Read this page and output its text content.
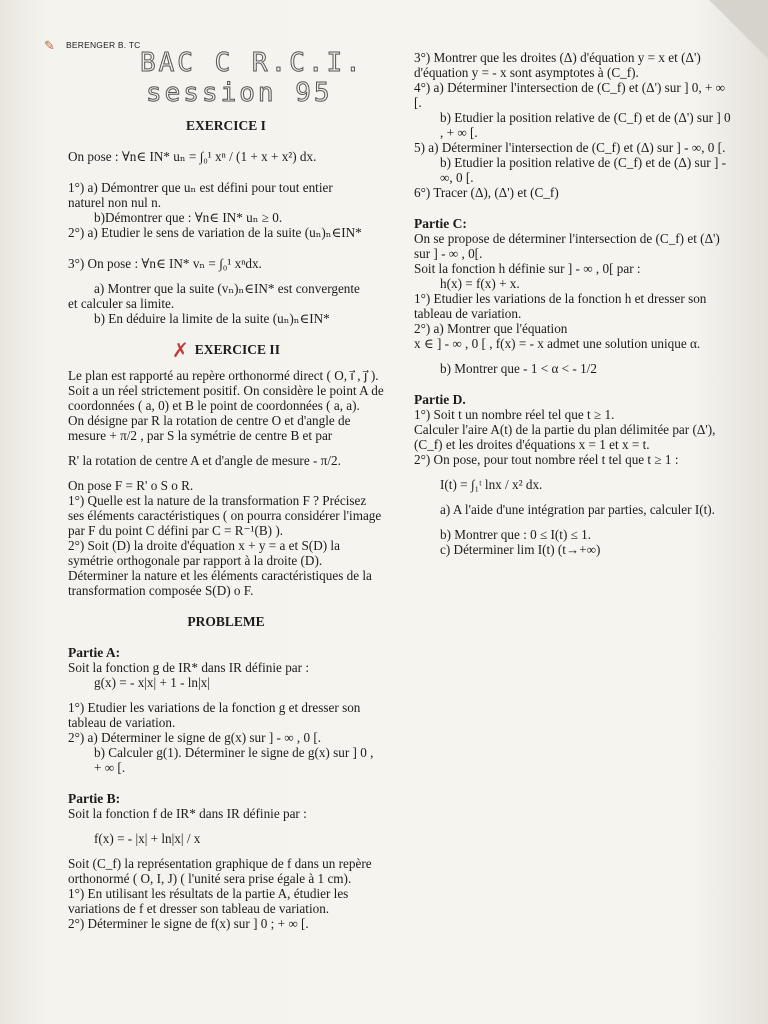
✎ BERENGER B. TC
BAC C R.C.I.
session 95

EXERCICE I

On pose : ∀n∈ IN* uₙ = ∫₀¹ xⁿ / (1 + x + x²) dx.

1°) a) Démontrer que uₙ est défini pour tout entier

naturel non nul n.

b)Démontrer que : ∀n∈ IN* uₙ ≥ 0.

2°) a) Etudier le sens de variation de la suite (uₙ)ₙ∈IN*

3°) On pose : ∀n∈ IN* vₙ = ∫₀¹ xⁿdx.

a) Montrer que la suite (vₙ)ₙ∈IN* est convergente

et calculer sa limite.

b) En déduire la limite de la suite (uₙ)ₙ∈IN*

✗ EXERCICE II

Le plan est rapporté au repère orthonormé direct ( O, i⃗ , j⃗ ). Soit a un réel strictement positif. On considère le point A de coordonnées ( a, 0) et B le point de coordonnées ( a, a).

On désigne par R la rotation de centre O et d'angle de mesure + π/2 , par S la symétrie de centre B et par

R' la rotation de centre A et d'angle de mesure - π/2.

On pose F = R' o S o R.

1°) Quelle est la nature de la transformation F ? Précisez ses éléments caractéristiques ( on pourra considérer l'image par F du point C défini par C = R⁻¹(B) ).

2°) Soit (D) la droite d'équation x + y = a et S(D) la symétrie orthogonale par rapport à la droite (D). Déterminer la nature et les éléments caractéristiques de la transformation composée S(D) o F.

PROBLEME

Partie A:

Soit la fonction g de IR* dans IR définie par :

g(x) = - x|x| + 1 - ln|x|

1°) Etudier les variations de la fonction g et dresser son tableau de variation.

2°) a) Déterminer le signe de g(x) sur ] - ∞ , 0 [.

b) Calculer g(1). Déterminer le signe de g(x) sur ] 0 , + ∞ [.

Partie B:

Soit la fonction f de IR* dans IR définie par :

f(x) = - |x| + ln|x| / x

Soit (C_f) la représentation graphique de f dans un repère orthonormé ( O, I, J) ( l'unité sera prise égale à 1 cm).

1°) En utilisant les résultats de la partie A, étudier les variations de f et dresser son tableau de variation.

2°) Déterminer le signe de f(x) sur ] 0 ; + ∞ [.

3°) Montrer que les droites (Δ) d'équation y = x et (Δ') d'équation y = - x sont asymptotes à (C_f).

4°) a) Déterminer l'intersection de (C_f) et (Δ') sur ] 0, + ∞ [.

b) Etudier la position relative de (C_f) et de (Δ') sur ] 0 , + ∞ [.

5) a) Déterminer l'intersection de (C_f) et (Δ) sur ] - ∞, 0 [.

b) Etudier la position relative de (C_f) et de (Δ) sur ] - ∞, 0 [.

6°) Tracer (Δ), (Δ') et (C_f)

Partie C:

On se propose de déterminer l'intersection de (C_f) et (Δ') sur ] - ∞ , 0[.

Soit la fonction h définie sur ] - ∞ , 0[ par :

h(x) = f(x) + x.

1°) Etudier les variations de la fonction h et dresser son tableau de variation.

2°) a) Montrer que l'équation

x ∈ ] - ∞ , 0 [ , f(x) = - x admet une solution unique α.

b) Montrer que - 1 < α < - 1/2

Partie D.

1°) Soit t un nombre réel tel que t ≥ 1.

Calculer l'aire A(t) de la partie du plan délimitée par (Δ'), (C_f) et les droites d'équations x = 1 et x = t.

2°) On pose, pour tout nombre réel t tel que t ≥ 1 :

I(t) = ∫₁ᵗ lnx / x² dx.

a) A l'aide d'une intégration par parties, calculer I(t).

b) Montrer que : 0 ≤ I(t) ≤ 1.

c) Déterminer lim I(t) (t→+∞)
